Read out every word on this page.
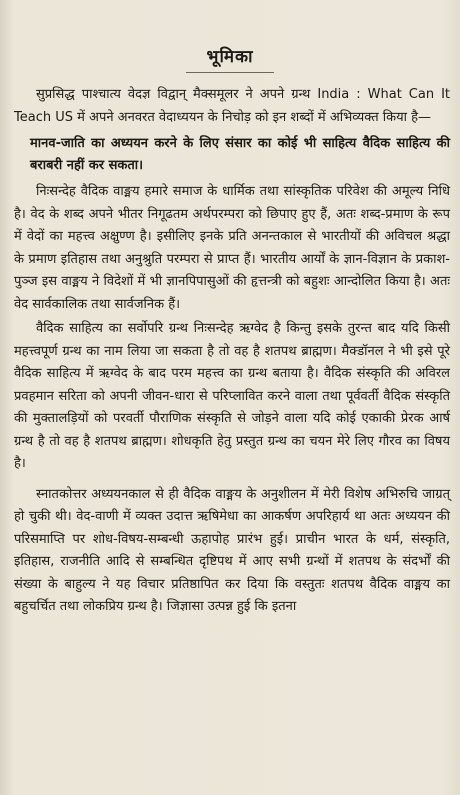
भूमिका

सुप्रसिद्ध पाश्चात्य वेदज्ञ विद्वान् मैक्समूलर ने अपने ग्रन्थ India : What Can It Teach US में अपने अनवरत वेदाध्ययन के निचोड़ को इन शब्दों में अभिव्यक्त किया है—

मानव-जाति का अध्ययन करने के लिए संसार का कोई भी साहित्य वैदिक साहित्य की बराबरी नहीं कर सकता।

निःसन्देह वैदिक वाङ्मय हमारे समाज के धार्मिक तथा सांस्कृतिक परिवेश की अमूल्य निधि है। वेद के शब्द अपने भीतर निगूढतम अर्थपरम्परा को छिपाए हुए हैं, अतः शब्द-प्रमाण के रूप में वेदों का महत्त्व अक्षुण्ण है। इसीलिए इनके प्रति अनन्तकाल से भारतीयों की अविचल श्रद्धा के प्रमाण इतिहास तथा अनुश्रुति परम्परा से प्राप्त हैं। भारतीय आर्यों के ज्ञान-विज्ञान के प्रकाश-पुञ्ज इस वाङ्मय ने विदेशों में भी ज्ञानपिपासुओं की हृत्तन्त्री को बहुशः आन्दोलित किया है। अतः वेद सार्वकालिक तथा सार्वजनिक हैं।

वैदिक साहित्य का सर्वोपरि ग्रन्थ निःसन्देह ऋग्वेद है किन्तु इसके तुरन्त बाद यदि किसी महत्त्वपूर्ण ग्रन्थ का नाम लिया जा सकता है तो वह है शतपथ ब्राह्मण। मैक्डॉनल ने भी इसे पूरे वैदिक साहित्य में ऋग्वेद के बाद परम महत्त्व का ग्रन्थ बताया है। वैदिक संस्कृति की अविरल प्रवहमान सरिता को अपनी जीवन-धारा से परिप्लावित करने वाला तथा पूर्ववर्ती वैदिक संस्कृति की मुक्तालड़ियों को परवर्ती पौराणिक संस्कृति से जोड़ने वाला यदि कोई एकाकी प्रेरक आर्ष ग्रन्थ है तो वह है शतपथ ब्राह्मण। शोधकृति हेतु प्रस्तुत ग्रन्थ का चयन मेरे लिए गौरव का विषय है।

स्नातकोत्तर अध्ययनकाल से ही वैदिक वाङ्मय के अनुशीलन में मेरी विशेष अभिरुचि जाग्रत् हो चुकी थी। वेद-वाणी में व्यक्त उदात्त ऋषिमेधा का आकर्षण अपरिहार्य था अतः अध्ययन की परिसमाप्ति पर शोध-विषय-सम्बन्धी ऊहापोह प्रारंभ हुई। प्राचीन भारत के धर्म, संस्कृति, इतिहास, राजनीति आदि से सम्बन्धित दृष्टिपथ में आए सभी ग्रन्थों में शतपथ के संदर्भों की संख्या के बाहुल्य ने यह विचार प्रतिष्ठापित कर दिया कि वस्तुतः शतपथ वैदिक वाङ्मय का बहुचर्चित तथा लोकप्रिय ग्रन्थ है। जिज्ञासा उत्पन्न हुई कि इतना
